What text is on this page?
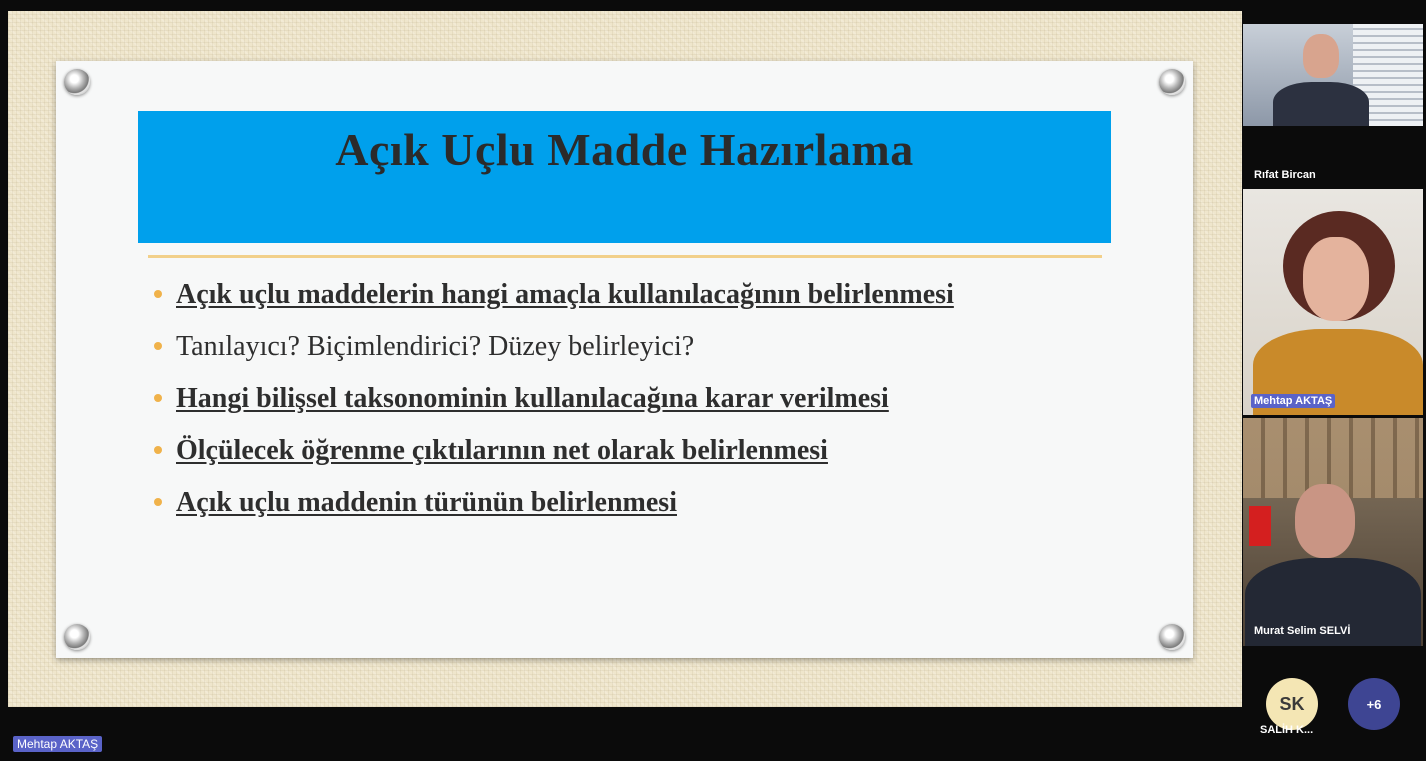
Açık Uçlu Madde Hazırlama
Açık uçlu maddelerin hangi amaçla kullanılacağının belirlenmesi
Tanılayıcı? Biçimlendirici? Düzey belirleyici?
Hangi bilişsel taksonominin kullanılacağına karar verilmesi
Ölçülecek öğrenme çıktılarının net olarak belirlenmesi
Açık uçlu maddenin türünün belirlenmesi
Rıfat Bircan
Mehtap AKTAŞ
Murat Selim SELVİ
SK
SALİH K...
+6
Mehtap AKTAŞ
